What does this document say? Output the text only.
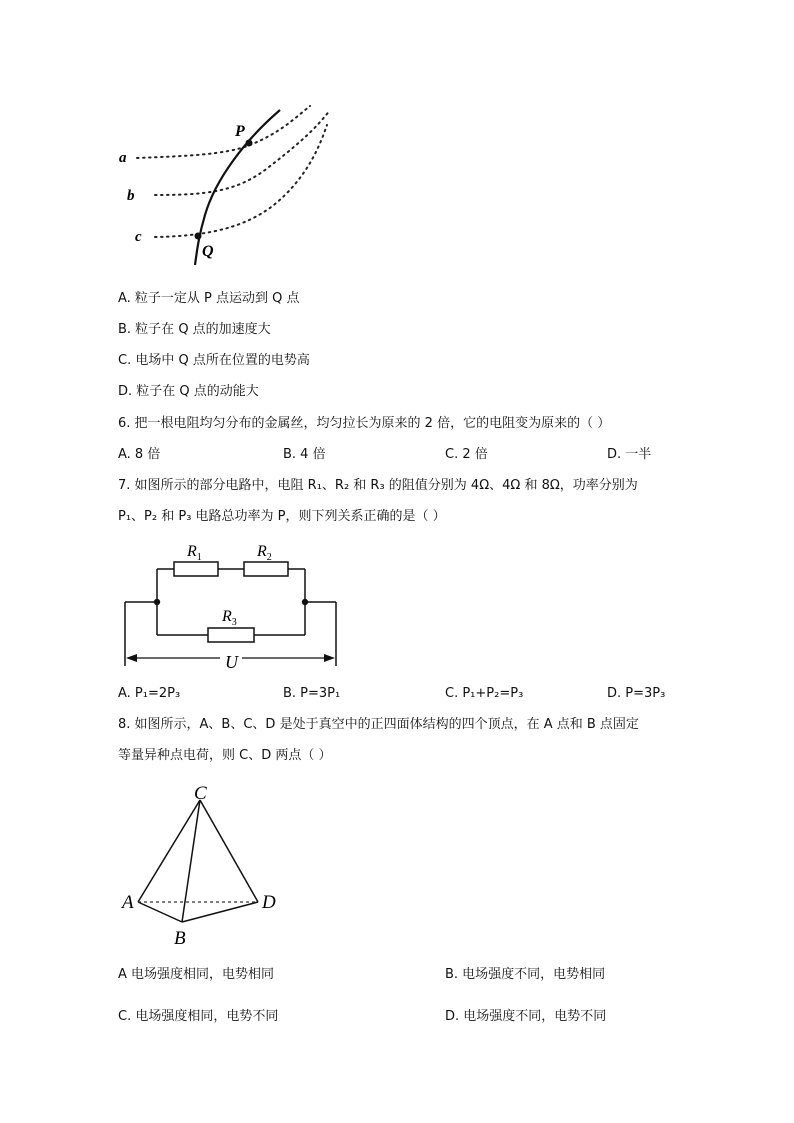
a
b
c
P
Q
A. 粒子一定从 P 点运动到 Q 点
B. 粒子在 Q 点的加速度大
C. 电场中 Q 点所在位置的电势高
D. 粒子在 Q 点的动能大
6. 把一根电阻均匀分布的金属丝，均匀拉长为原来的 2 倍，它的电阻变为原来的（ ）
A. 8 倍	B. 4 倍	C. 2 倍	D. 一半
7. 如图所示的部分电路中，电阻 R₁、R₂ 和 R₃ 的阻值分别为 4Ω、4Ω 和 8Ω，功率分别为
P₁、P₂ 和 P₃ 电路总功率为 P，则下列关系正确的是（ ）
$R_1$	$R_2$
$R_3$
U
A. P₁=2P₃	B. P=3P₁	C. P₁+P₂=P₃	D. P=3P₃
8. 如图所示，A、B、C、D 是处于真空中的正四面体结构的四个顶点，在 A 点和 B 点固定
等量异种点电荷，则 C、D 两点（ ）
C
A
B
D
A 电场强度相同，电势相同	B. 电场强度不同，电势相同
C. 电场强度相同，电势不同	D. 电场强度不同，电势不同
